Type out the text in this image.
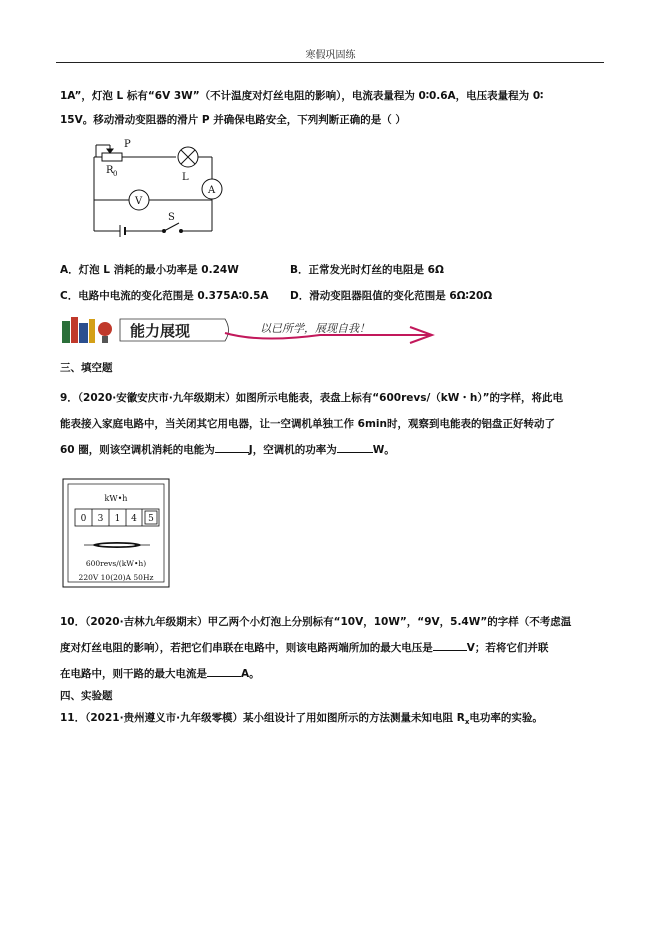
寒假巩固练
1A”，灯泡 L 标有“6V 3W”（不计温度对灯丝电阻的影响），电流表量程为 0∶0.6A，电压表量程为 0∶
15V。移动滑动变阻器的滑片 P 并确保电路安全，下列判断正确的是（ ）
P
R 0	L
A
V
S
A．灯泡 L 消耗的最小功率是 0.24W	B．正常发光时灯丝的电阻是 6Ω
C．电路中电流的变化范围是 0.375A∶0.5A D．滑动变阻器阻值的变化范围是 6Ω∶20Ω
能力展现	以已所学，展现自我！
三、填空题
9．（2020·安徽安庆市·九年级期末）如图所示电能表，表盘上标有“600revs/（kW・h）”的字样，将此电
能表接入家庭电路中，当关闭其它用电器，让一空调机单独工作 6min时，观察到电能表的铝盘正好转动了
60 圈，则该空调机消耗的电能为	J，空调机的功率为	W。
kW•h
0 3 1 4 5
600revs/(kW•h)
220V 10(20)A 50Hz
10．（2020·吉林九年级期末）甲乙两个小灯泡上分别标有“10V，10W”，“9V，5.4W”的字样（不考虑温
度对灯丝电阻的影响），若把它们串联在电路中，则该电路两端所加的最大电压是	V；若将它们并联
在电路中，则干路的最大电流是	A。
四、实验题
11．（2021·贵州遵义市·九年级零模）某小组设计了用如图所示的方法测量未知电阻 $R_x$电功率的实验。
